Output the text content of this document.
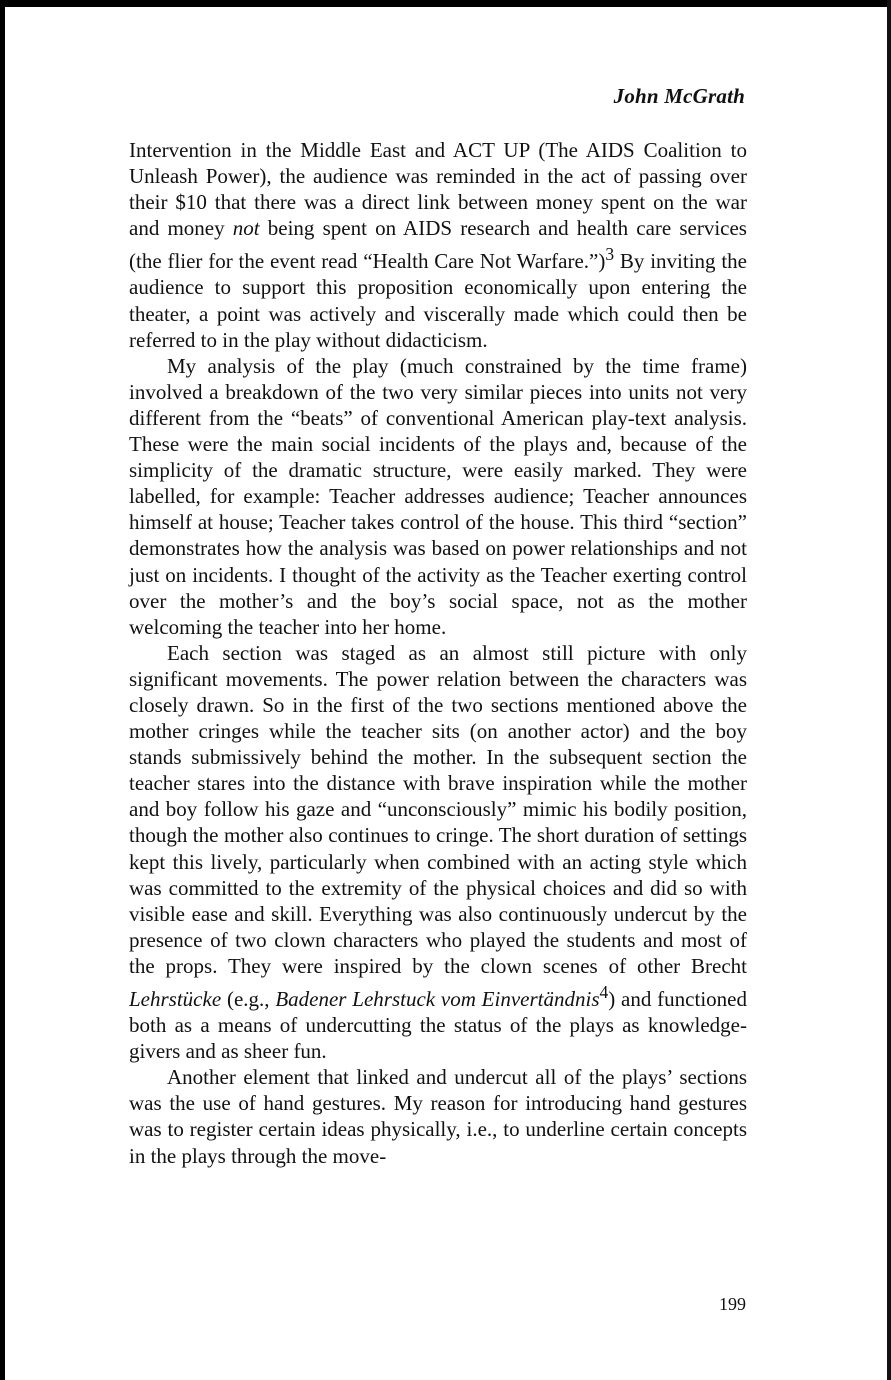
John McGrath

Intervention in the Middle East and ACT UP (The AIDS Coalition to Unleash Power), the audience was reminded in the act of passing over their $10 that there was a direct link between money spent on the war and money not being spent on AIDS research and health care services (the flier for the event read “Health Care Not Warfare.”)$^3$ By inviting the audience to support this proposition economically upon entering the theater, a point was actively and viscerally made which could then be referred to in the play without didacticism.

My analysis of the play (much constrained by the time frame) involved a breakdown of the two very similar pieces into units not very different from the “beats” of conventional American play-text analysis. These were the main social incidents of the plays and, because of the simplicity of the dramatic structure, were easily marked. They were labelled, for example: Teacher addresses audience; Teacher announces himself at house; Teacher takes control of the house. This third “section” demonstrates how the analysis was based on power relationships and not just on incidents. I thought of the activity as the Teacher exerting control over the mother’s and the boy’s social space, not as the mother welcoming the teacher into her home.

Each section was staged as an almost still picture with only significant movements. The power relation between the characters was closely drawn. So in the first of the two sections mentioned above the mother cringes while the teacher sits (on another actor) and the boy stands submissively behind the mother. In the subsequent section the teacher stares into the distance with brave inspiration while the mother and boy follow his gaze and “unconsciously” mimic his bodily position, though the mother also continues to cringe. The short duration of settings kept this lively, particularly when combined with an acting style which was committed to the extremity of the physical choices and did so with visible ease and skill. Everything was also continuously undercut by the presence of two clown characters who played the students and most of the props. They were inspired by the clown scenes of other Brecht Lehrstücke (e.g., Badener Lehrstuck vom Einvertändnis$^4$) and functioned both as a means of undercutting the status of the plays as knowledge-givers and as sheer fun.

Another element that linked and undercut all of the plays’ sections was the use of hand gestures. My reason for introducing hand gestures was to register certain ideas physically, i.e., to underline certain concepts in the plays through the move-

199
